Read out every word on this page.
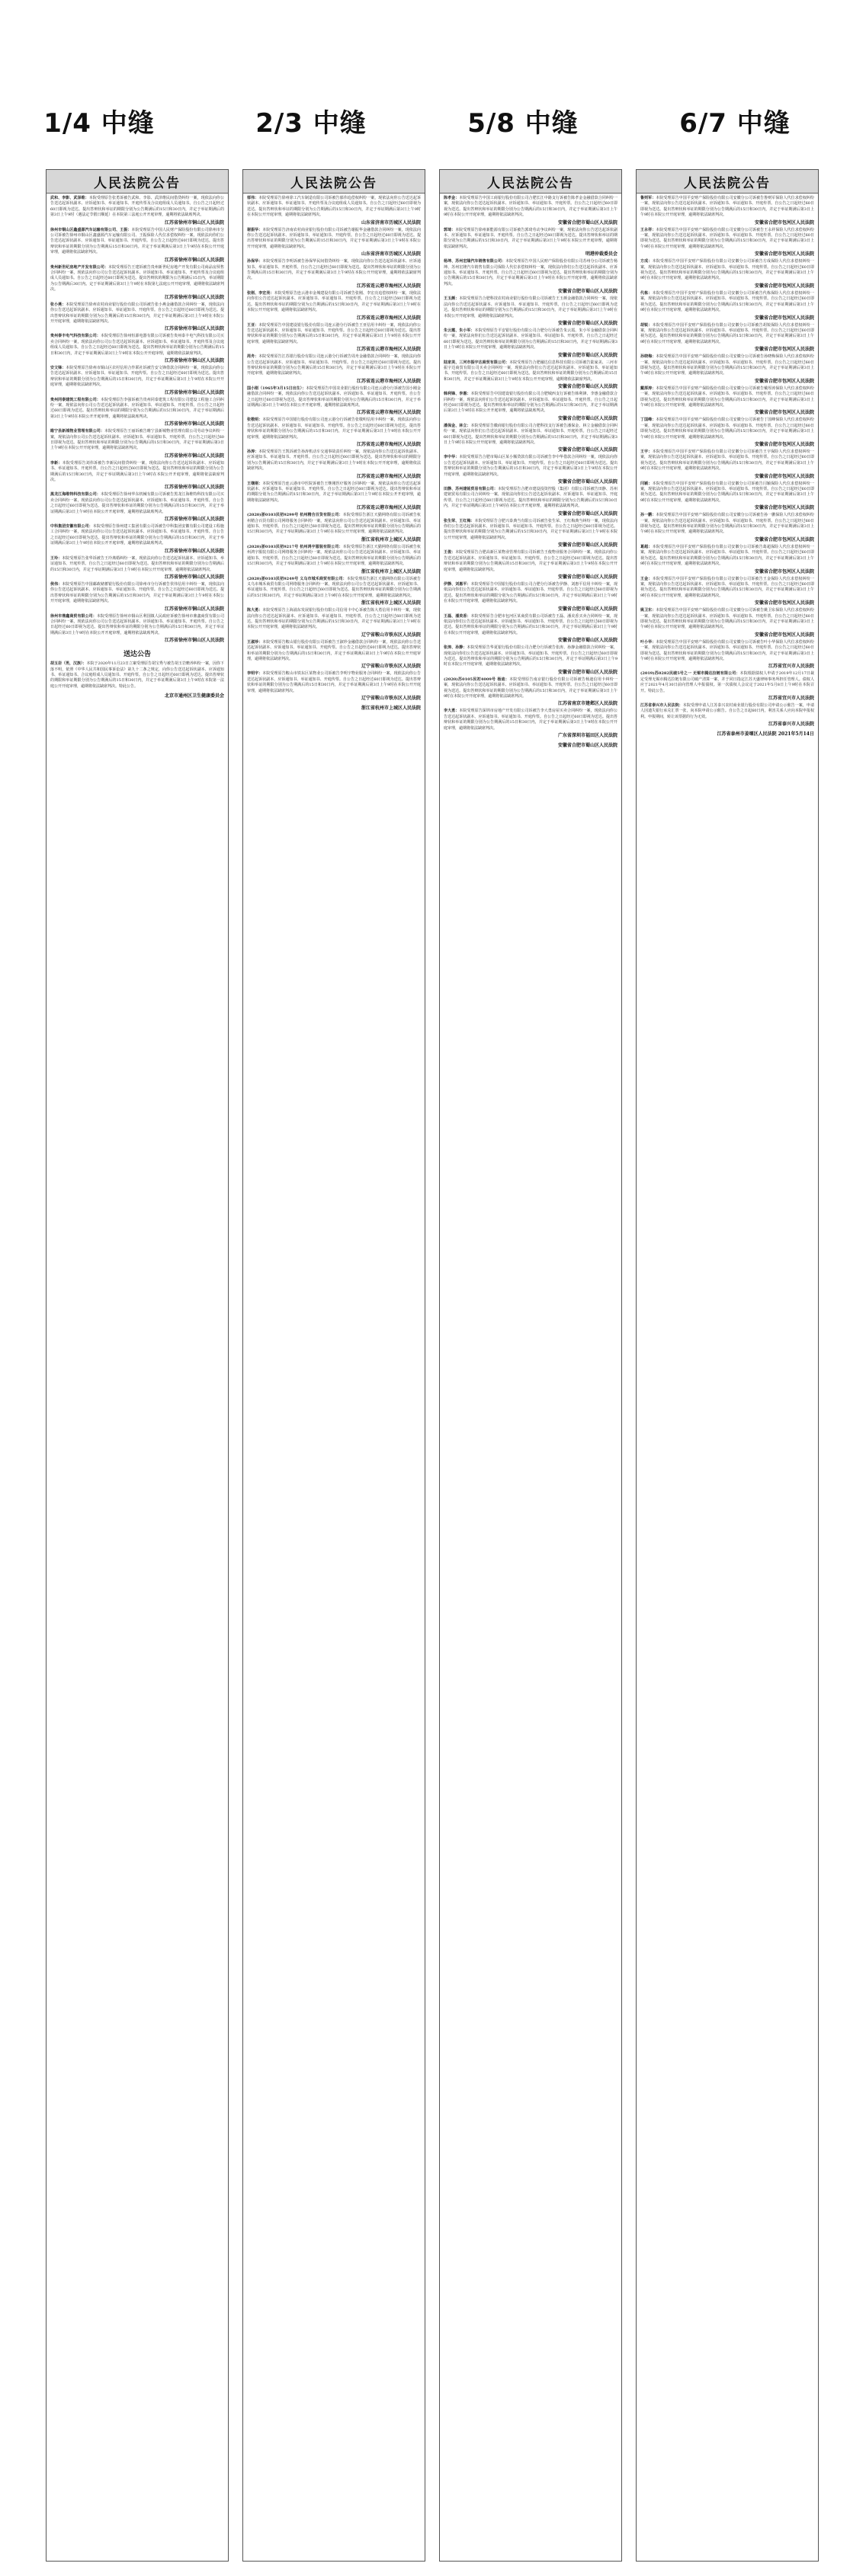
1/4 中缝	2/3 中缝	5/8 中缝	6/7 中缝
人民法院公告

武和、李影、武泽维：本院受理原告张勇诉被告武和、李影、武泽维民间借贷纠纷一案，现依法向你公告送达起诉状副本、应诉通知书、举证通知书、开庭传票及合议庭组成人员通知书。自公告之日起经过60日即视为送达。提出答辩状和举证的期限分别为公告期满后的15日和30日内，并定于举证期满后的第3日上午9时（遇法定节假日顺延）在本院第三法庭公开开庭审理，逾期将依法缺席判决。

江苏省徐州市铜山区人民法院

徐州市铜山区鑫盛源汽车运输有限公司、王振：本院受理原告中国人民财产保险股份有限公司徐州市分公司诉被告徐州市铜山区鑫盛源汽车运输有限公司、王振保险人代位求偿权纠纷一案，现依法向你们公告送达起诉状副本、应诉通知书、举证通知书、开庭传票。自公告之日起经过60日即视为送达。提出答辩状和举证的期限分别为公告期满后15日和30日内。并定于举证期满后第3日上午9时在本院公开开庭审理，逾期将依法缺席判决。

江苏省徐州市铜山区人民法院

贵州新世纪房地产开发有限公司：本院受理原告王建诉被告贵州新世纪房地产开发有限公司商品房预售合同纠纷一案，现依法向你公司公告送达起诉状副本、应诉通知书、举证通知书、开庭传票及合议庭组成人员通知书。自公告之日起经过60日即视为送达。提出答辩状的期限为公告期满后15日内，举证期限为公告期满后30日内。定于举证期满后第3日上午9时在本院第七法庭公开开庭审理，逾期将依法缺席判决。

江苏省徐州市铜山区人民法院

张小燕：本院受理原告徐州农村商业银行股份有限公司诉被告张小燕金融借款合同纠纷一案，现依法向你公告送达起诉状副本、应诉通知书、举证通知书、开庭传票。自公告之日起经过60日即视为送达。提出答辩状和举证的期限分别为公告期满后的15日和30日内，并定于举证期满后第3日上午9时在本院公开开庭审理，逾期将依法缺席判决。

江苏省徐州市铜山区人民法院

贵州泰丰电气科技有限公司：本院受理原告徐州恒源电器有限公司诉被告贵州泰丰电气科技有限公司买卖合同纠纷一案，现依法向你公司公告送达起诉状副本、应诉通知书、举证通知书、开庭传票及合议庭组成人员通知书。自公告之日起经过60日即视为送达。提出答辩状和举证的期限分别为公告期满后的15日和30日内，并定于举证期满后第3日上午9时在本院公开开庭审理，逾期将依法缺席判决。

江苏省徐州市铜山区人民法院

安文锋：本院受理原告徐州市铜山区农村信用合作联社诉被告安文锋借款合同纠纷一案，现依法向你公告送达起诉状副本、应诉通知书、举证通知书、开庭传票。自公告之日起经过60日即视为送达。提出答辩状和举证的期限分别为公告期满后的15日和30日内，并定于举证期满后第3日上午9时在本院公开开庭审理，逾期将依法缺席判决。

江苏省徐州市铜山区人民法院

贵州同泰建筑工程有限公司：本院受理原告李强诉被告贵州同泰建筑工程有限公司建设工程施工合同纠纷一案，现依法向你公司公告送达起诉状副本、应诉通知书、举证通知书、开庭传票。自公告之日起经过60日即视为送达。提出答辩状和举证的期限分别为公告期满后的15日和30日内，并定于举证期满后第3日上午9时在本院公开开庭审理，逾期将依法缺席判决。

江苏省徐州市铜山区人民法院

睢宁县新城物业管理有限公司：本院受理原告王丽诉被告睢宁县新城物业管理有限公司劳动争议纠纷一案，现依法向你公司公告送达起诉状副本、应诉通知书、举证通知书、开庭传票。自公告之日起经过60日即视为送达。提出答辩状和举证的期限分别为公告期满后的15日和30日内，并定于举证期满后第3日上午9时在本院公开开庭审理，逾期将依法缺席判决。

江苏省徐州市铜山区人民法院

李新：本院受理原告刘伟诉被告李新民间借贷纠纷一案，现依法向你公告送达起诉状副本、应诉通知书、举证通知书、开庭传票。自公告之日起经过60日即视为送达。提出答辩状和举证的期限分别为公告期满后的15日和30日内，并定于举证期满后第3日上午9时在本院公开开庭审理，逾期将依法缺席判决。

江苏省徐州市铜山区人民法院

黑龙江海维特科技有限公司：本院受理原告徐州华东机械有限公司诉被告黑龙江海维特科技有限公司买卖合同纠纷一案，现依法向你公司公告送达起诉状副本、应诉通知书、举证通知书、开庭传票。自公告之日起经过60日即视为送达。提出答辩状和举证的期限分别为公告期满后的15日和30日内，并定于举证期满后第3日上午9时在本院公开开庭审理，逾期将依法缺席判决。

江苏省徐州市铜山区人民法院

中科集团安徽有限公司：本院受理原告徐州建工集团有限公司诉被告中科集团安徽有限公司建设工程施工合同纠纷一案，现依法向你公司公告送达起诉状副本、应诉通知书、举证通知书、开庭传票。自公告之日起经过60日即视为送达。提出答辩状和举证的期限分别为公告期满后的15日和30日内，并定于举证期满后第3日上午9时在本院公开开庭审理，逾期将依法缺席判决。

江苏省徐州市铜山区人民法院

王玲：本院受理原告张华诉被告王玲离婚纠纷一案，现依法向你公告送达起诉状副本、应诉通知书、举证通知书、开庭传票。自公告之日起经过60日即视为送达。提出答辩状和举证的期限分别为公告期满后的15日和30日内，并定于举证期满后第3日上午9时在本院公开开庭审理，逾期将依法缺席判决。

江苏省徐州市铜山区人民法院

侯伟：本院受理原告中国邮政储蓄银行股份有限公司徐州市分行诉被告侯伟信用卡纠纷一案，现依法向你公告送达起诉状副本、应诉通知书、举证通知书、开庭传票。自公告之日起经过60日即视为送达。提出答辩状和举证的期限分别为公告期满后的15日和30日内，并定于举证期满后第3日上午9时在本院公开开庭审理，逾期将依法缺席判决。

江苏省徐州市铜山区人民法院

徐州市鼎鑫商贸有限公司：本院受理原告徐州市铜山区利国镇人民政府诉被告徐州市鼎鑫商贸有限公司合同纠纷一案，现依法向你公司公告送达起诉状副本、应诉通知书、举证通知书、开庭传票。自公告之日起经过60日即视为送达。提出答辩状和举证的期限分别为公告期满后的15日和30日内，并定于举证期满后第3日上午9时在本院公开开庭审理，逾期将依法缺席判决。

江苏省徐州市铜山区人民法院
送达公告

胡玉岩（男，汉族）：本院于2020年11月23日立案受理原告胡宝秀与被告胡玉岩赡养纠纷一案，因你下落不明，依照《中华人民共和国民事诉讼法》第九十二条之规定，向你公告送达起诉状副本、应诉通知书、举证通知书、合议庭组成人员通知书、开庭传票。自公告之日起经过60日即视为送达。提出答辩状的期限和举证期限分别为公告期满后的15日和30日内，并定于举证期满后第3日上午9时在本院第一法庭公开开庭审理，逾期将依法缺席判决。特此公告。

北京市通州区卫生健康委员会
人民法院公告

郁伟：本院受理原告徐州徐工汽车制造有限公司诉被告郁伟追偿权纠纷一案，现依法向你公告送达起诉状副本、应诉通知书、举证通知书、开庭传票及合议庭组成人员通知书。自公告之日起经过60日即视为送达。提出答辩状和举证的期限分别为公告期满后的15日和30日内，并定于举证期满后第3日上午9时在本院公开开庭审理，逾期将依法缺席判决。

山东省济南市历城区人民法院

谢振华：本院受理原告济南农村商业银行股份有限公司诉被告谢振华金融借款合同纠纷一案，现依法向你公告送达起诉状副本、应诉通知书、举证通知书、开庭传票。自公告之日起经过60日即视为送达。提出答辩状和举证的期限分别为公告期满后的15日和30日内，并定于举证期满后第3日上午9时在本院公开开庭审理，逾期将依法缺席判决。

山东省济南市历城区人民法院

孙保华：本院受理原告李明诉被告孙保华民间借贷纠纷一案，现依法向你公告送达起诉状副本、应诉通知书、举证通知书、开庭传票。自公告之日起经过60日即视为送达。提出答辩状和举证的期限分别为公告期满后的15日和30日内，并定于举证期满后第3日上午9时在本院公开开庭审理，逾期将依法缺席判决。

江苏省连云港市海州区人民法院

张刚、李宏亮：本院受理原告连云港市金城建设有限公司诉被告张刚、李宏亮追偿权纠纷一案，现依法向你们公告送达起诉状副本、应诉通知书、举证通知书、开庭传票。自公告之日起经过60日即视为送达。提出答辩状和举证的期限分别为公告期满后的15日和30日内，并定于举证期满后第3日上午9时在本院公开开庭审理，逾期将依法缺席判决。

江苏省连云港市海州区人民法院

王亚：本院受理原告中国建设银行股份有限公司连云港分行诉被告王亚信用卡纠纷一案，现依法向你公告送达起诉状副本、应诉通知书、举证通知书、开庭传票。自公告之日起经过60日即视为送达。提出答辩状和举证的期限分别为公告期满后的15日和30日内，并定于举证期满后第3日上午9时在本院公开开庭审理，逾期将依法缺席判决。

江苏省连云港市海州区人民法院

周舟：本院受理原告江苏银行股份有限公司连云港分行诉被告周舟金融借款合同纠纷一案，现依法向你公告送达起诉状副本、应诉通知书、举证通知书、开庭传票。自公告之日起经过60日即视为送达。提出答辩状和举证的期限分别为公告期满后的15日和30日内，并定于举证期满后第3日上午9时在本院公开开庭审理，逾期将依法缺席判决。

江苏省连云港市海州区人民法院

国小刚（1965年3月15日出生）：本院受理原告中国农业银行股份有限公司连云港分行诉被告国小刚金融借款合同纠纷一案，现依法向你公告送达起诉状副本、应诉通知书、举证通知书、开庭传票。自公告之日起经过60日即视为送达。提出答辩状和举证的期限分别为公告期满后的15日和30日内，并定于举证期满后第3日上午9时在本院公开开庭审理，逾期将依法缺席判决。

江苏省连云港市海州区人民法院

张敬明：本院受理原告中国银行股份有限公司连云港分行诉被告张敬明信用卡纠纷一案，现依法向你公告送达起诉状副本、应诉通知书、举证通知书、开庭传票。自公告之日起经过60日即视为送达。提出答辩状和举证的期限分别为公告期满后的15日和30日内，并定于举证期满后第3日上午9时在本院公开开庭审理，逾期将依法缺席判决。

江苏省连云港市海州区人民法院

孙涛：本院受理原告王凯诉被告孙涛机动车交通事故责任纠纷一案，现依法向你公告送达起诉状副本、应诉通知书、举证通知书、开庭传票。自公告之日起经过60日即视为送达。提出答辩状和举证的期限分别为公告期满后的15日和30日内，并定于举证期满后第3日上午9时在本院公开开庭审理，逾期将依法缺席判决。

江苏省连云港市海州区人民法院

王继刚：本院受理原告连云港市中医院诉被告王继刚医疗服务合同纠纷一案，现依法向你公告送达起诉状副本、应诉通知书、举证通知书、开庭传票。自公告之日起经过60日即视为送达。提出答辩状和举证的期限分别为公告期满后的15日和30日内，并定于举证期满后第3日上午9时在本院公开开庭审理，逾期将依法缺席判决。

江苏省连云港市海州区人民法院

(2020)浙0103民初9299号 杭州精合百货有限公司：本院受理原告浙江天猫网络有限公司诉被告杭州精合百货有限公司网络服务合同纠纷一案，现依法向你公司公告送达起诉状副本、应诉通知书、举证通知书、开庭传票。自公告之日起经过60日即视为送达。提出答辩状和举证的期限分别为公告期满后的15日和30日内，并定于举证期满后第3日上午9时在本院公开开庭审理，逾期将依法缺席判决。

浙江省杭州市上城区人民法院

(2020)浙0103民初9217号 杭州鸿宇服装有限公司：本院受理原告浙江天猫网络有限公司诉被告杭州鸿宇服装有限公司网络服务合同纠纷一案，现依法向你公司公告送达起诉状副本、应诉通知书、举证通知书、开庭传票。自公告之日起经过60日即视为送达。提出答辩状和举证的期限分别为公告期满后的15日和30日内，并定于举证期满后第3日上午9时在本院公开开庭审理，逾期将依法缺席判决。

浙江省杭州市上城区人民法院

(2020)浙0103民初9249号 义乌市城禾商贸有限公司：本院受理原告浙江天猫网络有限公司诉被告义乌市城禾商贸有限公司网络服务合同纠纷一案，现依法向你公司公告送达起诉状副本、应诉通知书、举证通知书、开庭传票。自公告之日起经过60日即视为送达。提出答辩状和举证的期限分别为公告期满后的15日和30日内，并定于举证期满后第3日上午9时在本院公开开庭审理，逾期将依法缺席判决。

浙江省杭州市上城区人民法院

陈大勇：本院受理原告上海浦东发展银行股份有限公司信用卡中心诉被告陈大勇信用卡纠纷一案，现依法向你公告送达起诉状副本、应诉通知书、举证通知书、开庭传票。自公告之日起经过60日即视为送达。提出答辩状和举证的期限分别为公告期满后的15日和30日内，并定于举证期满后第3日上午9时在本院公开开庭审理，逾期将依法缺席判决。

辽宁省鞍山市铁东区人民法院

王淑珍：本院受理原告鞍山银行股份有限公司诉被告王淑珍金融借款合同纠纷一案，现依法向你公告送达起诉状副本、应诉通知书、举证通知书、开庭传票。自公告之日起经过60日即视为送达。提出答辩状和举证的期限分别为公告期满后的15日和30日内，并定于举证期满后第3日上午9时在本院公开开庭审理，逾期将依法缺席判决。

辽宁省鞍山市铁东区人民法院

李明宇：本院受理原告鞍山市铁东区某物业公司诉被告李明宇物业服务合同纠纷一案，现依法向你公告送达起诉状副本、应诉通知书、举证通知书、开庭传票。自公告之日起经过60日即视为送达。提出答辩状和举证的期限分别为公告期满后的15日和30日内，并定于举证期满后第3日上午9时在本院公开开庭审理，逾期将依法缺席判决。

辽宁省鞍山市铁东区人民法院
浙江省杭州市上城区人民法院
人民法院公告

陈孝金：本院受理原告中国工商银行股份有限公司合肥长江中路支行诉被告陈孝金金融借款合同纠纷一案，现依法向你公告送达起诉状副本、应诉通知书、举证通知书、开庭传票。自公告之日起经过60日即视为送达。提出答辩状和举证的期限分别为公告期满后的15日和30日内，并定于举证期满后第3日上午9时在本院公开开庭审理，逾期将依法缺席判决。

安徽省合肥市蜀山区人民法院

郭琦：本院受理原告徐州新能源有限公司诉被告郭琦劳动争议纠纷一案，现依法向你公告送达起诉状副本、应诉通知书、举证通知书、开庭传票。自公告之日起经过60日即视为送达。提出答辩状和举证的期限分别为公告期满后的15日和30日内，并定于举证期满后第3日上午9时在本院公开开庭审理，逾期将依法缺席判决。

明港仲裁委员会

杨坤、苏州宏隆汽车销售有限公司：本院受理原告中国人民财产保险股份有限公司苏州分公司诉被告杨坤、苏州宏隆汽车销售有限公司保险人代位求偿权纠纷一案，现依法向你们公告送达起诉状副本、应诉通知书、举证通知书、开庭传票。自公告之日起经过60日即视为送达。提出答辩状和举证的期限分别为公告期满后的15日和30日内，并定于举证期满后第3日上午9时在本院公开开庭审理，逾期将依法缺席判决。

安徽省合肥市蜀山区人民法院

王玉颜：本院受理原告合肥科技农村商业银行股份有限公司诉被告王玉颜金融借款合同纠纷一案，现依法向你公告送达起诉状副本、应诉通知书、举证通知书、开庭传票。自公告之日起经过60日即视为送达。提出答辩状和举证的期限分别为公告期满后的15日和30日内，并定于举证期满后第3日上午9时在本院公开开庭审理，逾期将依法缺席判决。

安徽省合肥市蜀山区人民法院

朱云霞、朱小军：本院受理原告平安银行股份有限公司合肥分行诉被告朱云霞、朱小军金融借款合同纠纷一案，现依法向你们公告送达起诉状副本、应诉通知书、举证通知书、开庭传票。自公告之日起经过60日即视为送达。提出答辩状和举证的期限分别为公告期满后的15日和30日内，并定于举证期满后第3日上午9时在本院公开开庭审理，逾期将依法缺席判决。

安徽省合肥市蜀山区人民法院

陆家美、三河市振宇达商贸有限公司：本院受理原告合肥融达信息科技有限公司诉被告陆家美、三河市振宇达商贸有限公司买卖合同纠纷一案，现依法向你们公告送达起诉状副本、应诉通知书、举证通知书、开庭传票。自公告之日起经过60日即视为送达。提出答辩状和举证的期限分别为公告期满后的15日和30日内，并定于举证期满后第3日上午9时在本院公开开庭审理，逾期将依法缺席判决。

安徽省合肥市蜀山区人民法院

韩利锋、李惠：本院受理原告中国建设银行股份有限公司合肥城西支行诉被告韩利锋、李惠金融借款合同纠纷一案，现依法向你们公告送达起诉状副本、应诉通知书、举证通知书、开庭传票。自公告之日起经过60日即视为送达。提出答辩状和举证的期限分别为公告期满后的15日和30日内，并定于举证期满后第3日上午9时在本院公开开庭审理，逾期将依法缺席判决。

安徽省合肥市蜀山区人民法院

潘保金、林立：本院受理原告徽商银行股份有限公司合肥科技支行诉被告潘保金、林立金融借款合同纠纷一案，现依法向你们公告送达起诉状副本、应诉通知书、举证通知书、开庭传票。自公告之日起经过60日即视为送达。提出答辩状和举证的期限分别为公告期满后的15日和30日内，并定于举证期满后第3日上午9时在本院公开开庭审理，逾期将依法缺席判决。

安徽省合肥市蜀山区人民法院

李中华：本院受理原告合肥市蜀山区某小额贷款有限公司诉被告李中华借款合同纠纷一案，现依法向你公告送达起诉状副本、应诉通知书、举证通知书、开庭传票。自公告之日起经过60日即视为送达。提出答辩状和举证的期限分别为公告期满后的15日和30日内，并定于举证期满后第3日上午9时在本院公开开庭审理，逾期将依法缺席判决。

安徽省合肥市蜀山区人民法院

田静、苏州建铭贸易有限公司：本院受理原告合肥市建设投资控股（集团）有限公司诉被告田静、苏州建铭贸易有限公司合同纠纷一案，现依法向你们公告送达起诉状副本、应诉通知书、举证通知书、开庭传票。自公告之日起经过60日即视为送达。提出答辩状和举证的期限分别为公告期满后的15日和30日内，并定于举证期满后第3日上午9时在本院公开开庭审理，逾期将依法缺席判决。

安徽省合肥市蜀山区人民法院

张生荣、王红梅：本院受理原告合肥兴泰典当有限公司诉被告张生荣、王红梅典当纠纷一案，现依法向你们公告送达起诉状副本、应诉通知书、举证通知书、开庭传票。自公告之日起经过60日即视为送达。提出答辩状和举证的期限分别为公告期满后的15日和30日内，并定于举证期满后第3日上午9时在本院公开开庭审理，逾期将依法缺席判决。

安徽省合肥市蜀山区人民法院

王俊：本院受理原告合肥高新区某物业管理有限公司诉被告王俊物业服务合同纠纷一案，现依法向你公告送达起诉状副本、应诉通知书、举证通知书、开庭传票。自公告之日起经过60日即视为送达。提出答辩状和举证的期限分别为公告期满后的15日和30日内，并定于举证期满后第3日上午9时在本院公开开庭审理，逾期将依法缺席判决。

安徽省合肥市蜀山区人民法院

伊静、刘惠平：本院受理原告中国银行股份有限公司合肥分行诉被告伊静、刘惠平信用卡纠纷一案，现依法向你们公告送达起诉状副本、应诉通知书、举证通知书、开庭传票。自公告之日起经过60日即视为送达。提出答辩状和举证的期限分别为公告期满后的15日和30日内，并定于举证期满后第3日上午9时在本院公开开庭审理，逾期将依法缺席判决。

安徽省合肥市蜀山区人民法院

王磊、潘美香：本院受理原告合肥市包河区某商贸有限公司诉被告王磊、潘美香买卖合同纠纷一案，现依法向你们公告送达起诉状副本、应诉通知书、举证通知书、开庭传票。自公告之日起经过60日即视为送达。提出答辩状和举证的期限分别为公告期满后的15日和30日内，并定于举证期满后第3日上午9时在本院公开开庭审理，逾期将依法缺席判决。

安徽省合肥市蜀山区人民法院

张涛、孙静：本院受理原告华夏银行股份有限公司合肥分行诉被告张涛、孙静金融借款合同纠纷一案，现依法向你们公告送达起诉状副本、应诉通知书、举证通知书、开庭传票。自公告之日起经过60日即视为送达。提出答辩状和举证的期限分别为公告期满后的15日和30日内，并定于举证期满后第3日上午9时在本院公开开庭审理，逾期将依法缺席判决。

安徽省合肥市蜀山区人民法院

(2020)苏0105民初4009号 杨迪：本院受理原告南京银行股份有限公司诉被告杨迪信用卡纠纷一案，现依法向你公告送达起诉状副本、应诉通知书、举证通知书、开庭传票。自公告之日起经过60日即视为送达。提出答辩状和举证的期限分别为公告期满后的15日和30日内，并定于举证期满后第3日上午9时在本院公开开庭审理，逾期将依法缺席判决。

江苏省南京市建邺区人民法院

李大勇：本院受理原告深圳市房地产开发有限公司诉被告李大勇房屋买卖合同纠纷一案，现依法向你公告送达起诉状副本、应诉通知书、举证通知书、开庭传票。自公告之日起经过60日即视为送达。提出答辩状和举证的期限分别为公告期满后的15日和30日内，并定于举证期满后第3日上午9时在本院公开开庭审理，逾期将依法缺席判决。

广东省深圳市福田区人民法院
安徽省合肥市蜀山区人民法院
人民法院公告

鲁则军：本院受理原告中国平安财产保险股份有限公司安徽分公司诉被告鲁则军保险人代位求偿权纠纷一案，现依法向你公告送达起诉状副本、应诉通知书、举证通知书、开庭传票。自公告之日起经过60日即视为送达。提出答辩状和举证的期限分别为公告期满后的15日和30日内，并定于举证期满后第3日上午9时在本院公开开庭审理，逾期将依法缺席判决。

安徽省合肥市包河区人民法院

王永祥：本院受理原告中国平安财产保险股份有限公司安徽分公司诉被告王永祥保险人代位求偿权纠纷一案，现依法向你公告送达起诉状副本、应诉通知书、举证通知书、开庭传票。自公告之日起经过60日即视为送达。提出答辩状和举证的期限分别为公告期满后的15日和30日内，并定于举证期满后第3日上午9时在本院公开开庭审理，逾期将依法缺席判决。

安徽省合肥市包河区人民法院

方成：本院受理原告中国平安财产保险股份有限公司安徽分公司诉被告方成保险人代位求偿权纠纷一案，现依法向你公告送达起诉状副本、应诉通知书、举证通知书、开庭传票。自公告之日起经过60日即视为送达。提出答辩状和举证的期限分别为公告期满后的15日和30日内，并定于举证期满后第3日上午9时在本院公开开庭审理，逾期将依法缺席判决。

安徽省合肥市包河区人民法院

代栋：本院受理原告中国平安财产保险股份有限公司安徽分公司诉被告代栋保险人代位求偿权纠纷一案，现依法向你公告送达起诉状副本、应诉通知书、举证通知书、开庭传票。自公告之日起经过60日即视为送达。提出答辩状和举证的期限分别为公告期满后的15日和30日内，并定于举证期满后第3日上午9时在本院公开开庭审理，逾期将依法缺席判决。

安徽省合肥市包河区人民法院

胡锐：本院受理原告中国平安财产保险股份有限公司安徽分公司诉被告胡锐保险人代位求偿权纠纷一案，现依法向你公告送达起诉状副本、应诉通知书、举证通知书、开庭传票。自公告之日起经过60日即视为送达。提出答辩状和举证的期限分别为公告期满后的15日和30日内，并定于举证期满后第3日上午9时在本院公开开庭审理，逾期将依法缺席判决。

安徽省合肥市包河区人民法院

孙晓梅：本院受理原告中国平安财产保险股份有限公司安徽分公司诉被告孙晓梅保险人代位求偿权纠纷一案，现依法向你公告送达起诉状副本、应诉通知书、举证通知书、开庭传票。自公告之日起经过60日即视为送达。提出答辩状和举证的期限分别为公告期满后的15日和30日内，并定于举证期满后第3日上午9时在本院公开开庭审理，逾期将依法缺席判决。

安徽省合肥市包河区人民法院

戴厚涛：本院受理原告中国平安财产保险股份有限公司安徽分公司诉被告戴厚涛保险人代位求偿权纠纷一案，现依法向你公告送达起诉状副本、应诉通知书、举证通知书、开庭传票。自公告之日起经过60日即视为送达。提出答辩状和举证的期限分别为公告期满后的15日和30日内，并定于举证期满后第3日上午9时在本院公开开庭审理，逾期将依法缺席判决。

安徽省合肥市包河区人民法院

丁国峰：本院受理原告中国平安财产保险股份有限公司安徽分公司诉被告丁国峰保险人代位求偿权纠纷一案，现依法向你公告送达起诉状副本、应诉通知书、举证通知书、开庭传票。自公告之日起经过60日即视为送达。提出答辩状和举证的期限分别为公告期满后的15日和30日内，并定于举证期满后第3日上午9时在本院公开开庭审理，逾期将依法缺席判决。

安徽省合肥市包河区人民法院

王宇：本院受理原告中国平安财产保险股份有限公司安徽分公司诉被告王宇保险人代位求偿权纠纷一案，现依法向你公告送达起诉状副本、应诉通知书、举证通知书、开庭传票。自公告之日起经过60日即视为送达。提出答辩状和举证的期限分别为公告期满后的15日和30日内，并定于举证期满后第3日上午9时在本院公开开庭审理，逾期将依法缺席判决。

安徽省合肥市包河区人民法院

闫颖：本院受理原告中国平安财产保险股份有限公司安徽分公司诉被告闫颖保险人代位求偿权纠纷一案，现依法向你公告送达起诉状副本、应诉通知书、举证通知书、开庭传票。自公告之日起经过60日即视为送达。提出答辩状和举证的期限分别为公告期满后的15日和30日内，并定于举证期满后第3日上午9时在本院公开开庭审理，逾期将依法缺席判决。

安徽省合肥市包河区人民法院

孙一鹏：本院受理原告中国平安财产保险股份有限公司安徽分公司诉被告孙一鹏保险人代位求偿权纠纷一案，现依法向你公告送达起诉状副本、应诉通知书、举证通知书、开庭传票。自公告之日起经过60日即视为送达。提出答辩状和举证的期限分别为公告期满后的15日和30日内，并定于举证期满后第3日上午9时在本院公开开庭审理，逾期将依法缺席判决。

安徽省合肥市包河区人民法院

葛超：本院受理原告中国平安财产保险股份有限公司安徽分公司诉被告葛超保险人代位求偿权纠纷一案，现依法向你公告送达起诉状副本、应诉通知书、举证通知书、开庭传票。自公告之日起经过60日即视为送达。提出答辩状和举证的期限分别为公告期满后的15日和30日内，并定于举证期满后第3日上午9时在本院公开开庭审理，逾期将依法缺席判决。

安徽省合肥市包河区人民法院

王金：本院受理原告中国平安财产保险股份有限公司安徽分公司诉被告王金保险人代位求偿权纠纷一案，现依法向你公告送达起诉状副本、应诉通知书、举证通知书、开庭传票。自公告之日起经过60日即视为送达。提出答辩状和举证的期限分别为公告期满后的15日和30日内，并定于举证期满后第3日上午9时在本院公开开庭审理，逾期将依法缺席判决。

安徽省合肥市包河区人民法院

姚卫东：本院受理原告中国平安财产保险股份有限公司安徽分公司诉被告姚卫东保险人代位求偿权纠纷一案，现依法向你公告送达起诉状副本、应诉通知书、举证通知书、开庭传票。自公告之日起经过60日即视为送达。提出答辩状和举证的期限分别为公告期满后的15日和30日内，并定于举证期满后第3日上午9时在本院公开开庭审理，逾期将依法缺席判决。

安徽省合肥市包河区人民法院

叶小华：本院受理原告中国平安财产保险股份有限公司安徽分公司诉被告叶小华保险人代位求偿权纠纷一案，现依法向你公告送达起诉状副本、应诉通知书、举证通知书、开庭传票。自公告之日起经过60日即视为送达。提出答辩状和举证的期限分别为公告期满后的15日和30日内，并定于举证期满后第3日上午9时在本院公开开庭审理，逾期将依法缺席判决。

江苏省宜兴市人民法院

(2019)苏0282民破5号之一 无锡市腾达拉链有限公司：本院根据债权人申请于2019年12月17日裁定受理无锡市腾达拉链有限公司破产清算一案，并于同日指定江苏天盛律师事务所担任管理人。债权人应于2021年4月30日前向管理人申报债权。第一次债权人会议定于2021年5月8日上午9时在本院召开。特此公告。

江苏省宜兴市人民法院

江苏省泰兴市人民法院：本院受理申请人江苏泰兴农村商业银行股份有限公司申请公示催告一案，申请人因遗失银行承兑汇票一张，向本院申请公示催告。自公告之日起60日内，利害关系人应向本院申报权利。申报期间，转让该票据的行为无效。

江苏省泰兴市人民法院
江苏省泰州市姜堰区人民法院 2021年5月14日
